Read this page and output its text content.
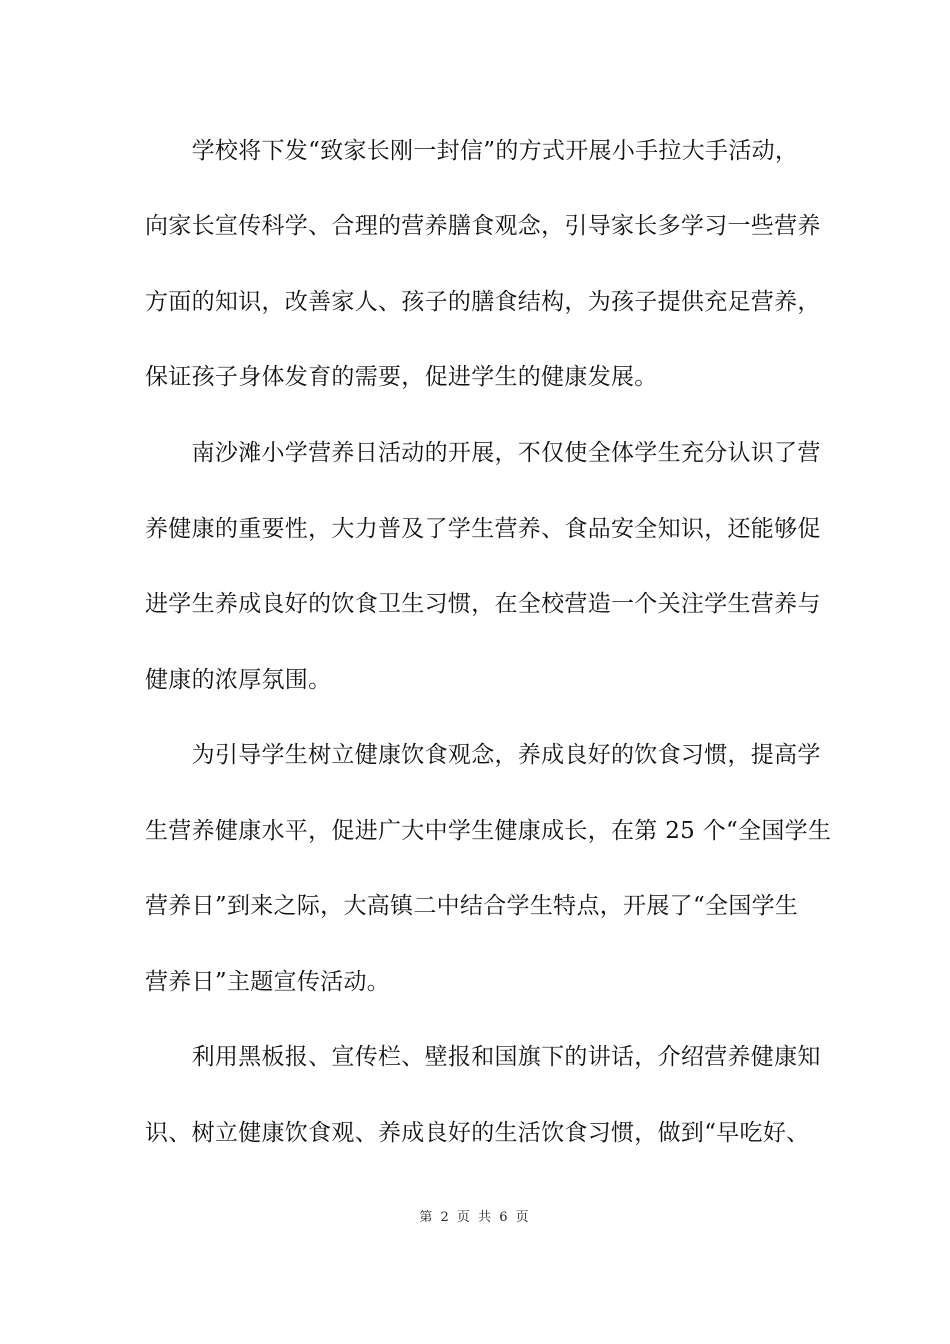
　　学校将下发“致家长刚一封信”的方式开展小手拉大手活动，
向家长宣传科学、合理的营养膳食观念，引导家长多学习一些营养
方面的知识，改善家人、孩子的膳食结构，为孩子提供充足营养，
保证孩子身体发育的需要，促进学生的健康发展。
　　南沙滩小学营养日活动的开展，不仅使全体学生充分认识了营
养健康的重要性，大力普及了学生营养、食品安全知识，还能够促
进学生养成良好的饮食卫生习惯，在全校营造一个关注学生营养与
健康的浓厚氛围。
　　为引导学生树立健康饮食观念，养成良好的饮食习惯，提高学
生营养健康水平，促进广大中学生健康成长，在第 25 个“全国学生
营养日”到来之际，大高镇二中结合学生特点，开展了“全国学生
营养日”主题宣传活动。
　　利用黑板报、宣传栏、壁报和国旗下的讲话，介绍营养健康知
识、树立健康饮食观、养成良好的生活饮食习惯，做到“早吃好、
第 2 页 共 6 页
